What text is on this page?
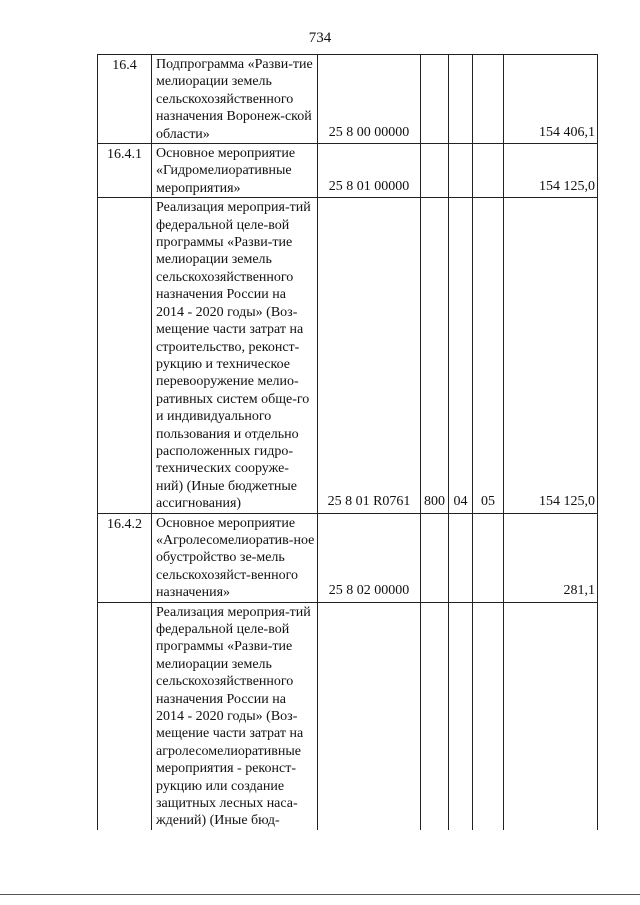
734
16.4	Подпрограмма «Разви-тие мелиорации земель сельскохозяйственного назначения Воронеж-ской области»	25 8 00 00000				154 406,1
16.4.1	Основное мероприятие «Гидромелиоративные мероприятия»	25 8 01 00000				154 125,0
	Реализация мероприя-тий федеральной целе-вой программы «Разви-тие мелиорации земель сельскохозяйственного назначения России на 2014 - 2020 годы» (Воз-мещение части затрат на строительство, реконст-рукцию и техническое перевооружение мелио-ративных систем обще-го и индивидуального пользования и отдельно расположенных гидро-технических сооруже-ний) (Иные бюджетные ассигнования)	25 8 01 R0761	800	04	05	154 125,0
16.4.2	Основное мероприятие «Агролесомелиоратив-ное обустройство зе-мель сельскохозяйст-венного назначения»	25 8 02 00000				281,1
	Реализация мероприя-тий федеральной целе-вой программы «Разви-тие мелиорации земель сельскохозяйственного назначения России на 2014 - 2020 годы» (Воз-мещение части затрат на агролесомелиоративные мероприятия - реконст-рукцию или создание защитных лесных наса-ждений) (Иные бюд-					
